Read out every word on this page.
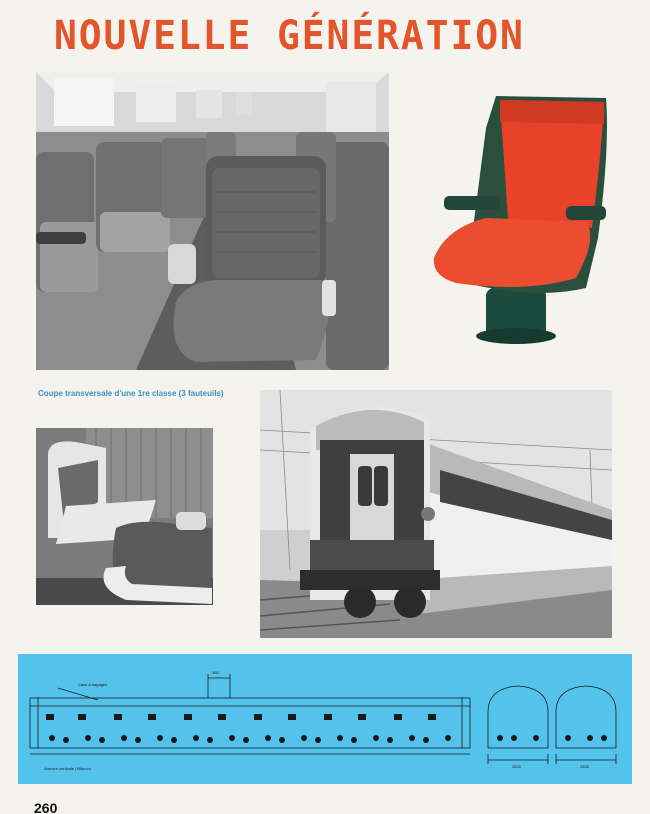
NOUVELLE GÉNÉRATION
Coupe transversale d'une 1re classe (3 fauteuils)
Case à bagages
380
Armoire verticale | Bifurcol	2825	2825
260
